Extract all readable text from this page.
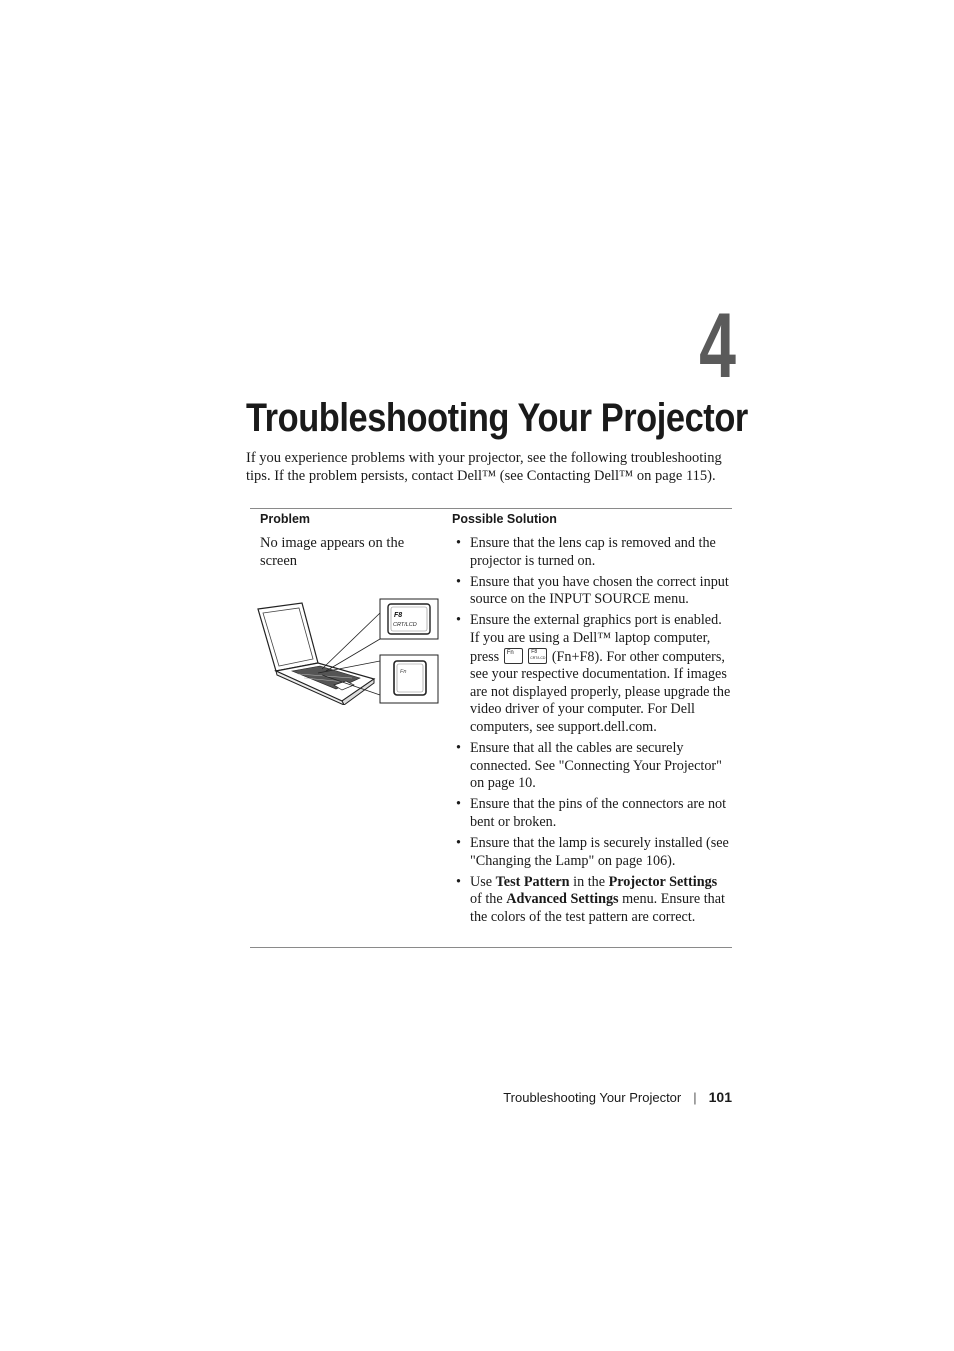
4
Troubleshooting Your Projector

If you experience problems with your projector, see the following troubleshooting tips. If the problem persists, contact Dell™ (see Contacting Dell™ on page 115).

Problem	Possible Solution
No image appears on the screen
F8
CRT/LCD
Fn
• Ensure that the lens cap is removed and the projector is turned on.
• Ensure that you have chosen the correct input source on the INPUT SOURCE menu.
• Ensure the external graphics port is enabled. If you are using a Dell™ laptop computer, press Fn
	F8
CRT/LCD (Fn+F8). For other computers, see your respective documentation. If images are not displayed properly, please upgrade the video driver of your computer. For Dell computers, see support.dell.com.
• Ensure that all the cables are securely connected. See "Connecting Your Projector" on page 10.
• Ensure that the pins of the connectors are not bent or broken.
• Ensure that the lamp is securely installed (see "Changing the Lamp" on page 106).
• Use Test Pattern in the Projector Settings of the Advanced Settings menu. Ensure that the colors of the test pattern are correct.
Troubleshooting Your Projector | 101
